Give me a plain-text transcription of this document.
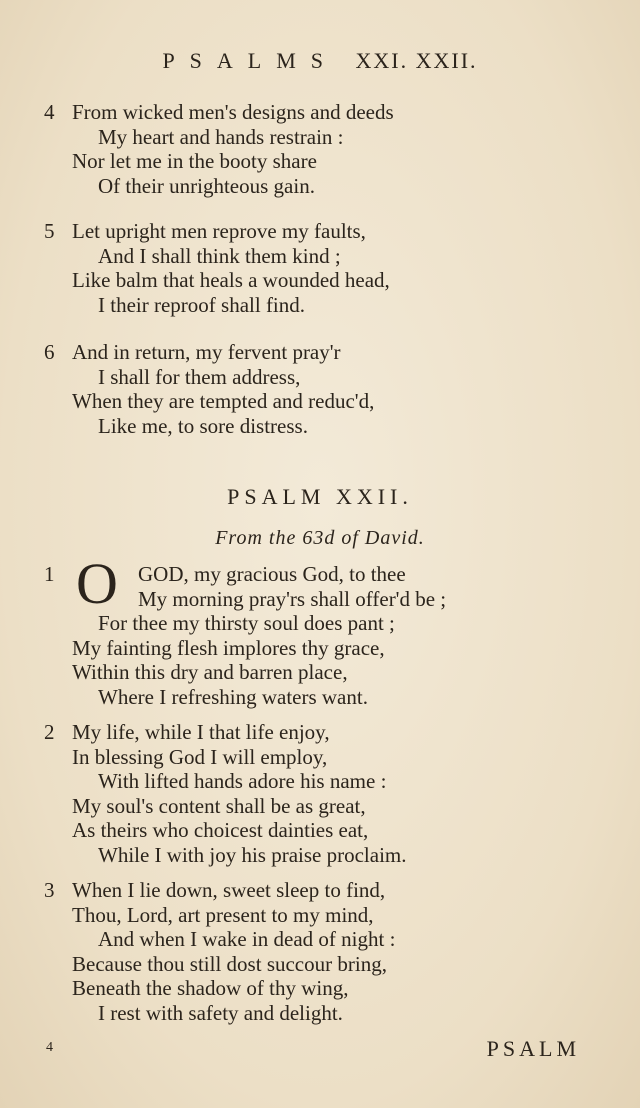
PSALMS XXI. XXII.
4 From wicked men's designs and deeds
My heart and hands restrain :
Nor let me in the booty share
Of their unrighteous gain.
5 Let upright men reprove my faults,
And I shall think them kind ;
Like balm that heals a wounded head,
I their reproof shall find.
6 And in return, my fervent pray'r
I shall for them address,
When they are tempted and reduc'd,
Like me, to sore distress.
PSALM XXII.
From the 63d of David.
O
1	GOD, my gracious God, to thee
My morning pray'rs shall offer'd be ;
For thee my thirsty soul does pant ;
My fainting flesh implores thy grace,
Within this dry and barren place,
Where I refreshing waters want.
2 My life, while I that life enjoy,
In blessing God I will employ,
With lifted hands adore his name :
My soul's content shall be as great,
As theirs who choicest dainties eat,
While I with joy his praise proclaim.
3 When I lie down, sweet sleep to find,
Thou, Lord, art present to my mind,
And when I wake in dead of night :
Because thou still dost succour bring,
Beneath the shadow of thy wing,
I rest with safety and delight.
4	PSALM
